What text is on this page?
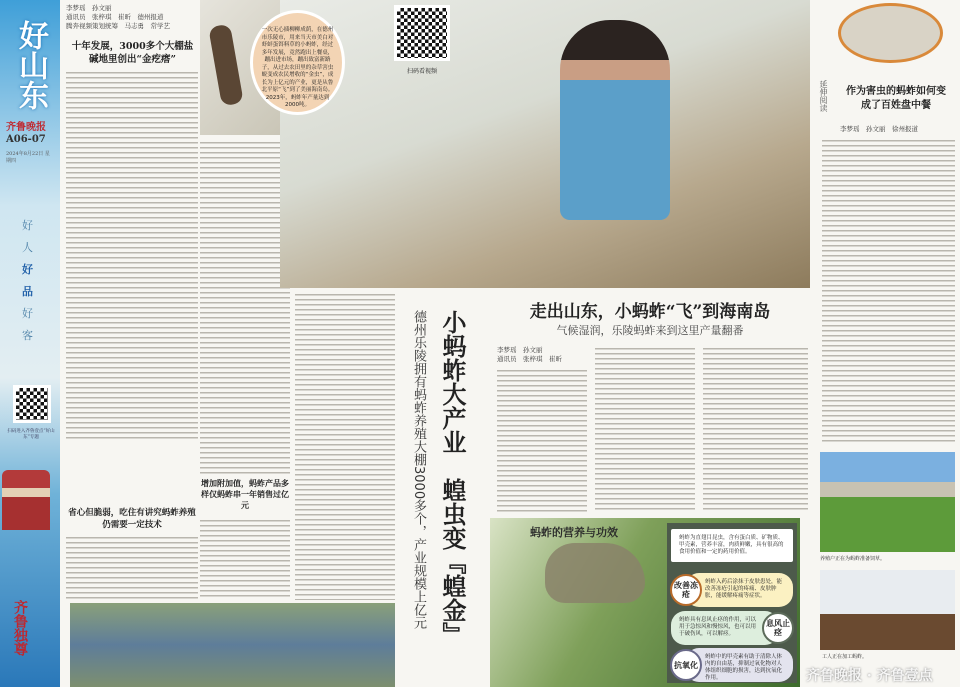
好山东
齐鲁晚报
A06-07
2024年8月22日 星期四
好人
好品
好客
扫码进入齐鲁壹点“好山东”专题
齐鲁独尊
李梦瑶　孙文丽
通讯员　张梓琪　崔昕　德州报道
腾奔视频策划统筹　马志勇　常学艺
十年发展，3000多个大棚盐碱地里创出“金疙瘩”
省心但脆弱，吃住有讲究蚂蚱养殖仍需要一定技术
增加附加值，蚂蚱产品多样仅蚂蚱串一年销售过亿元
一次无心插柳柳成荫，在德州市乐陵市，用来当天市美白对虾蚌蛋饵料草的小蚂蚱，经过多年发展，竟然跑出上餐桌，蹦出进市场，蹦出致富新路子，从过去农田里的杂草害虫蜕变成农民增收的“金虫”，成长为上亿元的产业，更是从鲁北平原“飞”到了美丽海南岛。2023年，蚂蚱年产量达到2000吨。
扫码看视频
小蚂蚱大产业　蝗虫变『蝗金』
德州乐陵拥有蚂蚱养殖大棚3000多个，产业规模上亿元	走出山东，小蚂蚱“飞”到海南岛
气候湿润，乐陵蚂蚱来到这里产量翻番
李梦瑶　孙文丽
通讯员　张梓琪　崔昕
蚂蚱的营养与功效	蚂蚱为直翅目昆虫，含有蛋白质、矿物质、甲壳素，营养丰富，肉质鲜嫩，具有很高的食用价值和一定的药用价值。
蚂蚱入药后涂抹于皮肤患处，能改善冻疮引起的疼痛、皮肤肿胀，能缓解疼痛等症状。
改善冻疮
蚂蚱具有息风止痉的作用，可以用于急惊风和慢惊风，也可以用于破伤风，可以解痉。
息风止痉
蚂蚱中的甲壳素有助于清除人体内的自由基，抑制过氧化物对人体组织细胞的损害，达到抗氧化作用。
抗氧化
延伸阅读	作为害虫的蚂蚱如何变成了百姓盘中餐
李梦瑶　孙文丽　徐州报道
养殖户正在为蚂蚱准备饲草。
工人正在加工蚂蚱。
齐鲁晚报 · 齐鲁壹点
